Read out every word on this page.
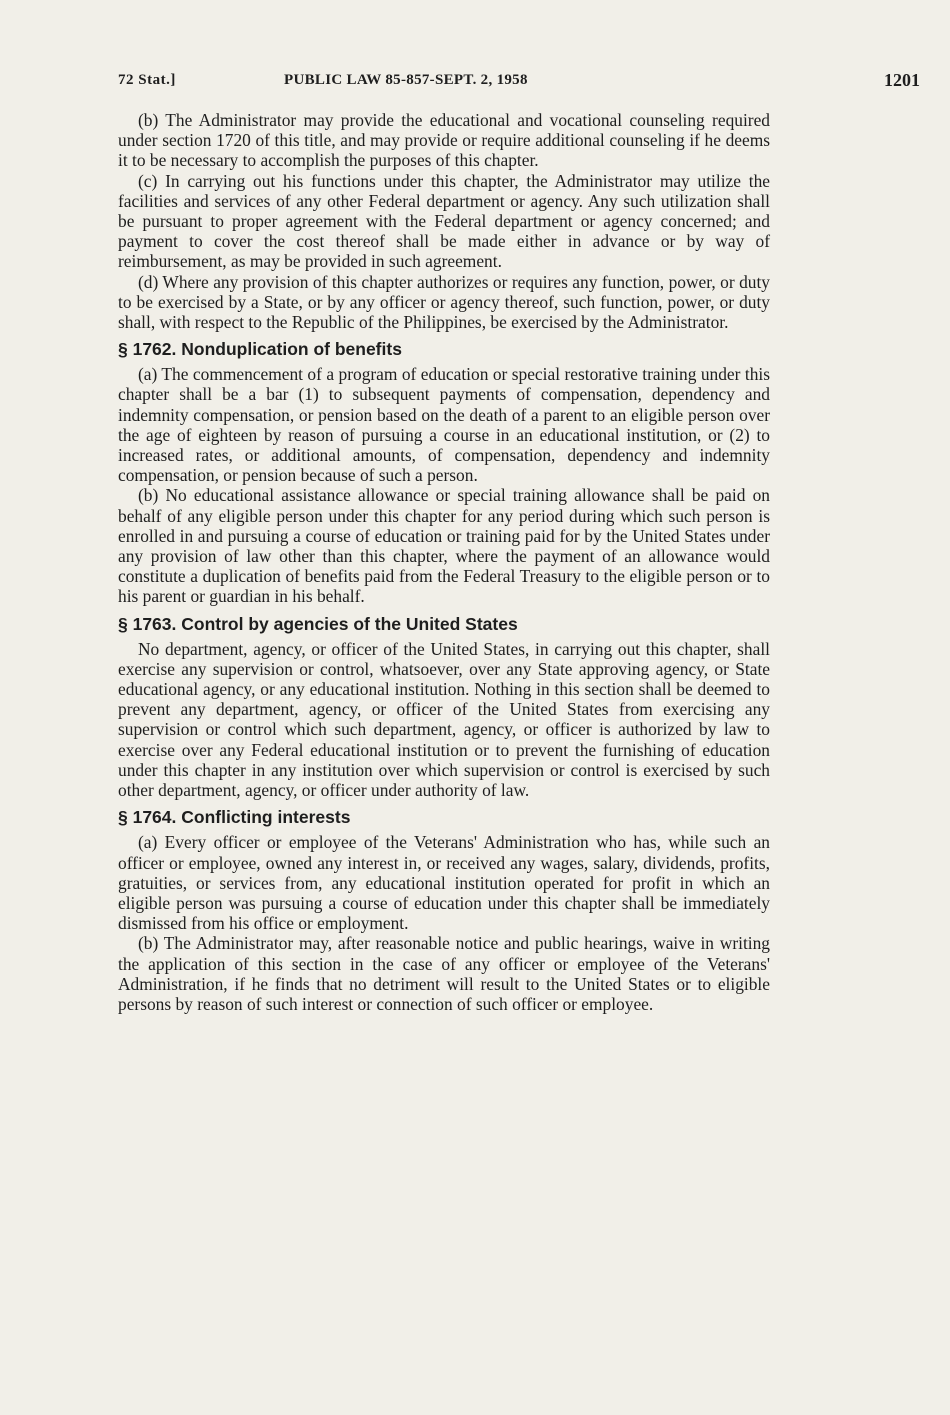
72 Stat.]	PUBLIC LAW 85-857-SEPT. 2, 1958	1201

(b) The Administrator may provide the educational and vocational counseling required under section 1720 of this title, and may provide or require additional counseling if he deems it to be necessary to accomplish the purposes of this chapter.

(c) In carrying out his functions under this chapter, the Administrator may utilize the facilities and services of any other Federal department or agency. Any such utilization shall be pursuant to proper agreement with the Federal department or agency concerned; and payment to cover the cost thereof shall be made either in advance or by way of reimbursement, as may be provided in such agreement.

(d) Where any provision of this chapter authorizes or requires any function, power, or duty to be exercised by a State, or by any officer or agency thereof, such function, power, or duty shall, with respect to the Republic of the Philippines, be exercised by the Administrator.

§ 1762. Nonduplication of benefits

(a) The commencement of a program of education or special restorative training under this chapter shall be a bar (1) to subsequent payments of compensation, dependency and indemnity compensation, or pension based on the death of a parent to an eligible person over the age of eighteen by reason of pursuing a course in an educational institution, or (2) to increased rates, or additional amounts, of compensation, dependency and indemnity compensation, or pension because of such a person.

(b) No educational assistance allowance or special training allowance shall be paid on behalf of any eligible person under this chapter for any period during which such person is enrolled in and pursuing a course of education or training paid for by the United States under any provision of law other than this chapter, where the payment of an allowance would constitute a duplication of benefits paid from the Federal Treasury to the eligible person or to his parent or guardian in his behalf.

§ 1763. Control by agencies of the United States

No department, agency, or officer of the United States, in carrying out this chapter, shall exercise any supervision or control, whatsoever, over any State approving agency, or State educational agency, or any educational institution. Nothing in this section shall be deemed to prevent any department, agency, or officer of the United States from exercising any supervision or control which such department, agency, or officer is authorized by law to exercise over any Federal educational institution or to prevent the furnishing of education under this chapter in any institution over which supervision or control is exercised by such other department, agency, or officer under authority of law.

§ 1764. Conflicting interests

(a) Every officer or employee of the Veterans' Administration who has, while such an officer or employee, owned any interest in, or received any wages, salary, dividends, profits, gratuities, or services from, any educational institution operated for profit in which an eligible person was pursuing a course of education under this chapter shall be immediately dismissed from his office or employment.

(b) The Administrator may, after reasonable notice and public hearings, waive in writing the application of this section in the case of any officer or employee of the Veterans' Administration, if he finds that no detriment will result to the United States or to eligible persons by reason of such interest or connection of such officer or employee.
